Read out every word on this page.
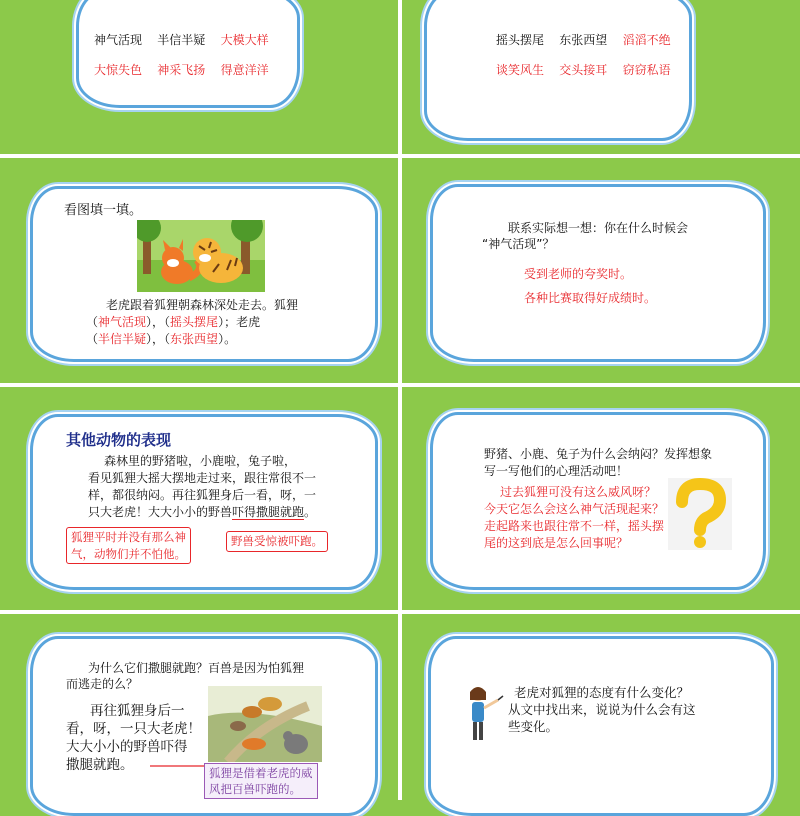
神气活现 半信半疑 大模大样
大惊失色 神采飞扬 得意洋洋
摇头摆尾 东张西望 滔滔不绝
谈笑风生 交头接耳 窃窃私语
看图填一填。
老虎跟着狐狸朝森林深处走去。狐狸
（神气活现），（摇头摆尾）；老虎
（半信半疑），（东张西望）。
联系实际想一想：你在什么时候会
“神气活现”？
受到老师的夸奖时。
各种比赛取得好成绩时。
其他动物的表现
森林里的野猪啦，小鹿啦，兔子啦，
看见狐狸大摇大摆地走过来，跟往常很不一
样，都很纳闷。再往狐狸身后一看，呀，一
只大老虎！大大小小的野兽吓得撒腿就跑。
狐狸平时并没有那么神
气，动物们并不怕他。
野兽受惊被吓跑。
野猪、小鹿、兔子为什么会纳闷？发挥想象
写一写他们的心理活动吧！
过去狐狸可没有这么威风呀？
今天它怎么会这么神气活现起来？
走起路来也跟往常不一样，摇头摆
尾的这到底是怎么回事呢？
为什么它们撒腿就跑？百兽是因为怕狐狸
而逃走的么？
再往狐狸身后一
看，呀，一只大老虎！
大大小小的野兽吓得
撒腿就跑。	狐狸是借着老虎的威
风把百兽吓跑的。
老虎对狐狸的态度有什么变化？
从文中找出来，说说为什么会有这
些变化。
